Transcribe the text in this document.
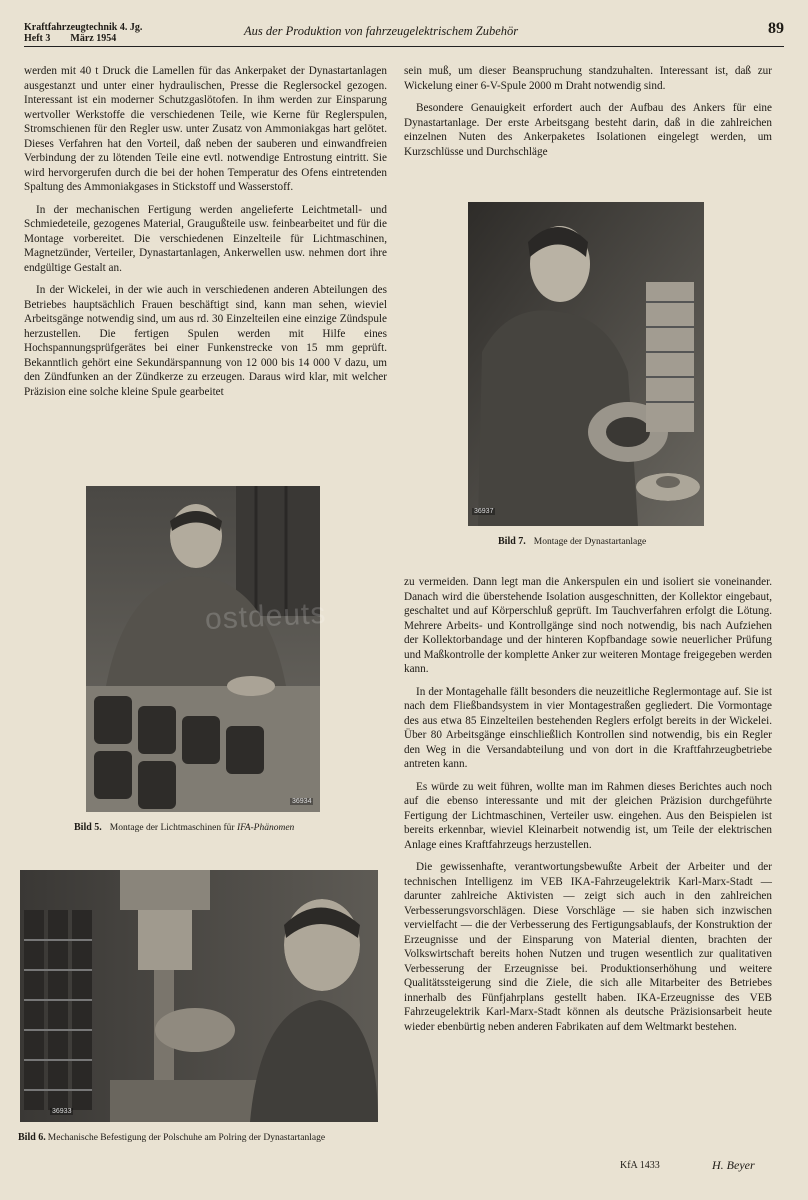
Kraftfahrzeugtechnik 4. Jg.
Heft 3        März 1954
Aus der Produktion von fahrzeugelektrischem Zubehör	89

werden mit 40 t Druck die Lamellen für das Ankerpaket der Dynastartanlagen ausgestanzt und unter einer hydraulischen, Presse die Reglersockel gezogen. Interessant ist ein moderner Schutzgaslötofen. In ihm werden zur Einsparung wertvoller Werkstoffe die verschiedenen Teile, wie Kerne für Reglerspulen, Stromschienen für den Regler usw. unter Zusatz von Ammoniakgas hart gelötet. Dieses Verfahren hat den Vorteil, daß neben der sauberen und einwandfreien Verbindung der zu lötenden Teile eine evtl. notwendige Entrostung eintritt. Sie wird hervorgerufen durch die bei der hohen Temperatur des Ofens eintretenden Spaltung des Ammoniakgases in Stickstoff und Wasserstoff.

In der mechanischen Fertigung werden angelieferte Leichtmetall- und Schmiedeteile, gezogenes Material, Graugußteile usw. feinbearbeitet und für die Montage vorbereitet. Die verschiedenen Einzelteile für Lichtmaschinen, Magnetzünder, Verteiler, Dynastartanlagen, Ankerwellen usw. nehmen dort ihre endgültige Gestalt an.

In der Wickelei, in der wie auch in verschiedenen anderen Abteilungen des Betriebes hauptsächlich Frauen beschäftigt sind, kann man sehen, wieviel Arbeitsgänge notwendig sind, um aus rd. 30 Einzelteilen eine einzige Zündspule herzustellen. Die fertigen Spulen werden mit Hilfe eines Hochspannungsprüfgerätes bei einer Funkenstrecke von 15 mm geprüft. Bekanntlich gehört eine Sekundärspannung von 12 000 bis 14 000 V dazu, um den Zündfunken an der Zündkerze zu erzeugen. Daraus wird klar, mit welcher Präzision eine solche kleine Spule gearbeitet

sein muß, um dieser Beanspruchung standzuhalten. Interessant ist, daß zur Wickelung einer 6-V-Spule 2000 m Draht notwendig sind.

Besondere Genauigkeit erfordert auch der Aufbau des Ankers für eine Dynastartanlage. Der erste Arbeitsgang besteht darin, daß in die zahlreichen einzelnen Nuten des Ankerpaketes Isolationen eingelegt werden, um Kurzschlüsse und Durchschläge

36937
Bild 7. Montage der Dynastartanlage
ostdeuts
36934
Bild 5. Montage der Lichtmaschinen für IFA-Phänomen
36933
Bild 6. Mechanische Befestigung der Polschuhe am Polring der Dynastartanlage

zu vermeiden. Dann legt man die Ankerspulen ein und isoliert sie voneinander. Danach wird die überstehende Isolation ausgeschnitten, der Kollektor eingebaut, geschaltet und auf Körperschluß geprüft. Im Tauchverfahren erfolgt die Lötung. Mehrere Arbeits- und Kontrollgänge sind noch notwendig, bis nach Aufziehen der Kollektorbandage und der hinteren Kopfbandage sowie neuerlicher Prüfung und Maßkontrolle der komplette Anker zur weiteren Montage freigegeben werden kann.

In der Montagehalle fällt besonders die neuzeitliche Reglermontage auf. Sie ist nach dem Fließbandsystem in vier Montagestraßen gegliedert. Die Vormontage des aus etwa 85 Einzelteilen bestehenden Reglers erfolgt bereits in der Wickelei. Über 80 Arbeitsgänge einschließlich Kontrollen sind notwendig, bis ein Regler den Weg in die Versandabteilung und von dort in die Kraftfahrzeugbetriebe antreten kann.

Es würde zu weit führen, wollte man im Rahmen dieses Berichtes auch noch auf die ebenso interessante und mit der gleichen Präzision durchgeführte Fertigung der Lichtmaschinen, Verteiler usw. eingehen. Aus den Beispielen ist bereits erkennbar, wieviel Kleinarbeit notwendig ist, um Teile der elektrischen Anlage eines Kraftfahrzeugs herzustellen.

Die gewissenhafte, verantwortungsbewußte Arbeit der Arbeiter und der technischen Intelligenz im VEB IKA-Fahrzeugelektrik Karl-Marx-Stadt — darunter zahlreiche Aktivisten — zeigt sich auch in den zahlreichen Verbesserungsvorschlägen. Diese Vorschläge — sie haben sich inzwischen vervielfacht — die der Verbesserung des Fertigungsablaufs, der Konstruktion der Erzeugnisse und der Einsparung von Material dienten, brachten der Volkswirtschaft bereits hohen Nutzen und trugen wesentlich zur qualitativen Verbesserung der Erzeugnisse bei. Produktionserhöhung und weitere Qualitätssteigerung sind die Ziele, die sich alle Mitarbeiter des Betriebes innerhalb des Fünfjahrplans gestellt haben. IKA-Erzeugnisse des VEB Fahrzeugelektrik Karl-Marx-Stadt können als deutsche Präzisionsarbeit heute wieder ebenbürtig neben anderen Fabrikaten auf dem Weltmarkt bestehen.

KfA 1433	H. Beyer
